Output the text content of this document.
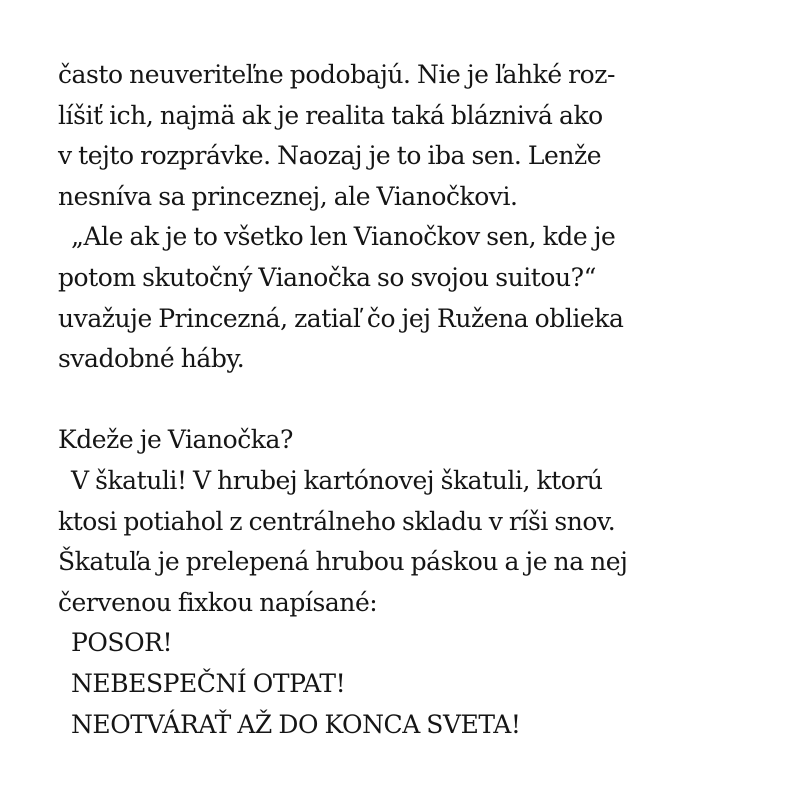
často neuveriteľne podobajú. Nie je ľahké roz-
líšiť ich, najmä ak je realita taká bláznivá ako
v tejto rozprávke. Naozaj je to iba sen. Lenže
nesníva sa princeznej, ale Vianočkovi.
„Ale ak je to všetko len Vianočkov sen, kde je
potom skutočný Vianočka so svojou suitou?“
uvažuje Princezná, zatiaľ čo jej Ružena oblieka
svadobné háby.
Kdeže je Vianočka?
V škatuli! V hrubej kartónovej škatuli, ktorú
ktosi potiahol z centrálneho skladu v ríši snov.
Škatuľa je prelepená hrubou páskou a je na nej
červenou fixkou napísané:
POSOR!
NEBESPEČNÍ OTPAT!
NEOTVÁRAŤ AŽ DO KONCA SVETA!
